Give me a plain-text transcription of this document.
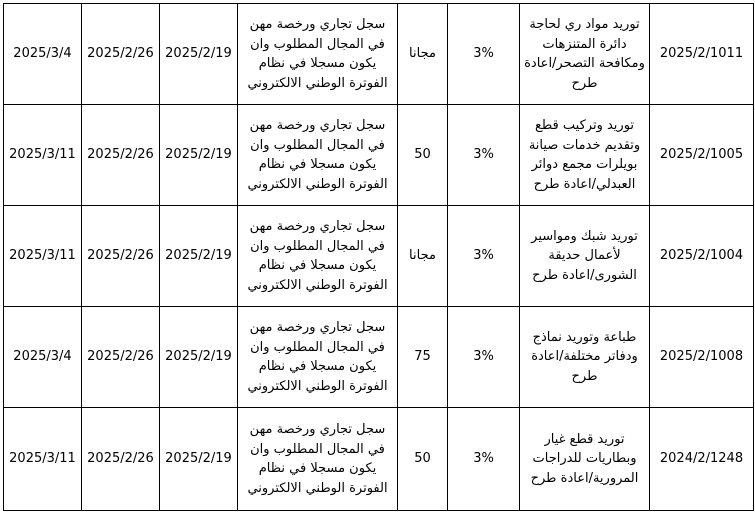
2025/3/4	2025/2/26	2025/2/19	سجل تجاري ورخصة مهن في المجال المطلوب وان يكون مسجلا في نظام الفوترة الوطني الالكتروني	مجانا	3%	توريد مواد ري لحاجة دائرة المتنزهات ومكافحة التصحر/اعادة طرح	2025/2/1011
2025/3/11	2025/2/26	2025/2/19	سجل تجاري ورخصة مهن في المجال المطلوب وان يكون مسجلا في نظام الفوترة الوطني الالكتروني	50	3%	توريد وتركيب قطع وتقديم خدمات صيانة بويلرات مجمع دوائر العبدلي/اعادة طرح	2025/2/1005
2025/3/11	2025/2/26	2025/2/19	سجل تجاري ورخصة مهن في المجال المطلوب وان يكون مسجلا في نظام الفوترة الوطني الالكتروني	مجانا	3%	توريد شبك ومواسير لأعمال حديقة الشورى/اعادة طرح	2025/2/1004
2025/3/4	2025/2/26	2025/2/19	سجل تجاري ورخصة مهن في المجال المطلوب وان يكون مسجلا في نظام الفوترة الوطني الالكتروني	75	3%	طباعة وتوريد نماذج ودفاتر مختلفة/اعادة طرح	2025/2/1008
2025/3/11	2025/2/26	2025/2/19	سجل تجاري ورخصة مهن في المجال المطلوب وان يكون مسجلا في نظام الفوترة الوطني الالكتروني	50	3%	توريد قطع غيار وبطاريات للدراجات المرورية/اعادة طرح	2024/2/1248
